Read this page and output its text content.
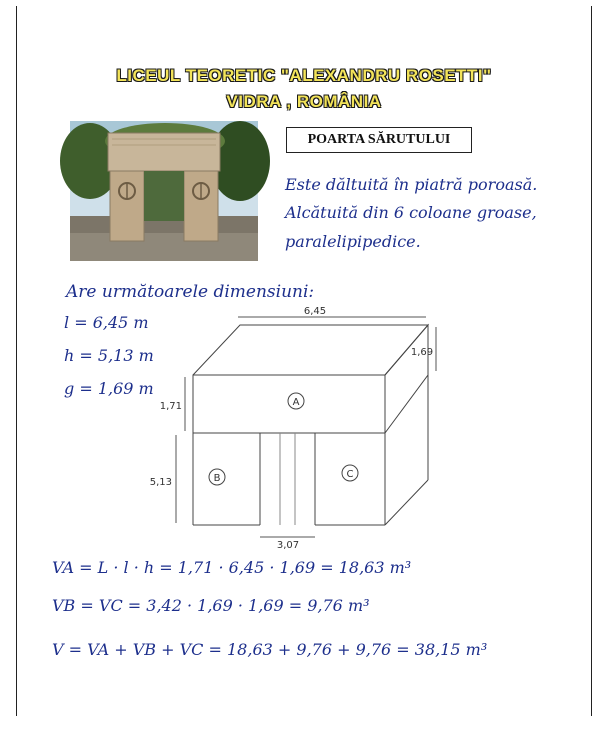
LICEUL TEORETIC "ALEXANDRU ROSETTI"
VIDRA , ROMÂNIA
POARTA SĂRUTULUI
Este dăltuită în piatră poroasă.
Alcătuită din 6 coloane groase,
paralelipipedice.
Are următoarele dimensiuni:
l = 6,45 m
h = 5,13 m
g = 1,69 m
6,45
1,69
1,71
5,13
3,07
A
B	C
VA = L · l · h = 1,71 · 6,45 · 1,69 = 18,63 m³
VB = VC = 3,42 · 1,69 · 1,69 = 9,76 m³
V = VA + VB + VC = 18,63 + 9,76 + 9,76 = 38,15 m³
